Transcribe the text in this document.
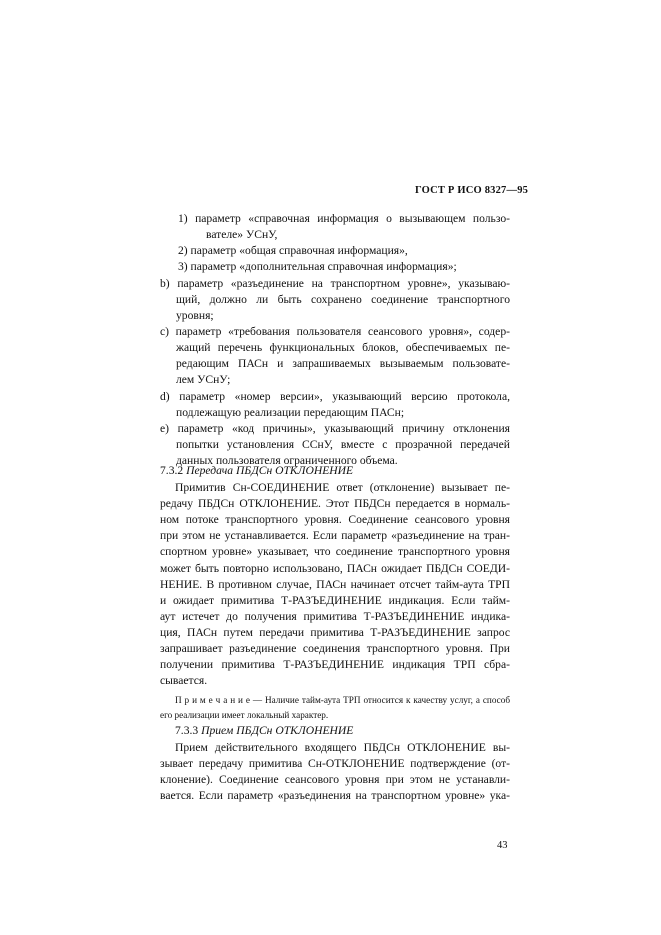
ГОСТ Р ИСО 8327—95
1) параметр «справочная информация о вызывающем пользо-
вателе» УСнУ,
2) параметр «общая справочная информация»,
3) параметр «дополнительная справочная информация»;
b) параметр «разъединение на транспортном уровне», указываю-
щий, должно ли быть сохранено соединение транспортного
уровня;
c) параметр «требования пользователя сеансового уровня», содер-
жащий перечень функциональных блоков, обеспечиваемых пе-
редающим ПАСн и запрашиваемых вызываемым пользовате-
лем УСнУ;
d) параметр «номер версии», указывающий версию протокола,
подлежащую реализации передающим ПАСн;
e) параметр «код причины», указывающий причину отклонения
попытки установления ССнУ, вместе с прозрачной передачей
данных пользователя ограниченного объема.
7.3.2 Передача ПБДСн ОТКЛОНЕНИЕ
Примитив Сн-СОЕДИНЕНИЕ ответ (отклонение) вызывает пе-
редачу ПБДСн ОТКЛОНЕНИЕ. Этот ПБДСн передается в нормаль-
ном потоке транспортного уровня. Соединение сеансового уровня
при этом не устанавливается. Если параметр «разъединение на тран-
спортном уровне» указывает, что соединение транспортного уровня
может быть повторно использовано, ПАСн ожидает ПБДСн СОЕДИ-
НЕНИЕ. В противном случае, ПАСн начинает отсчет тайм-аута ТРП
и ожидает примитива Т-РАЗЪЕДИНЕНИЕ индикация. Если тайм-
аут истечет до получения примитива Т-РАЗЪЕДИНЕНИЕ индика-
ция, ПАСн путем передачи примитива Т-РАЗЪЕДИНЕНИЕ запрос
запрашивает разъединение соединения транспортного уровня. При
получении примитива Т-РАЗЪЕДИНЕНИЕ индикация ТРП сбра-
сывается.
П р и м е ч а н и е — Наличие тайм-аута ТРП относится к качеству услуг, а способ
его реализации имеет локальный характер.
7.3.3 Прием ПБДСн ОТКЛОНЕНИЕ
Прием действительного входящего ПБДСн ОТКЛОНЕНИЕ вы-
зывает передачу примитива Сн-ОТКЛОНЕНИЕ подтверждение (от-
клонение). Соединение сеансового уровня при этом не устанавли-
вается. Если параметр «разъединения на транспортном уровне» ука-
43
